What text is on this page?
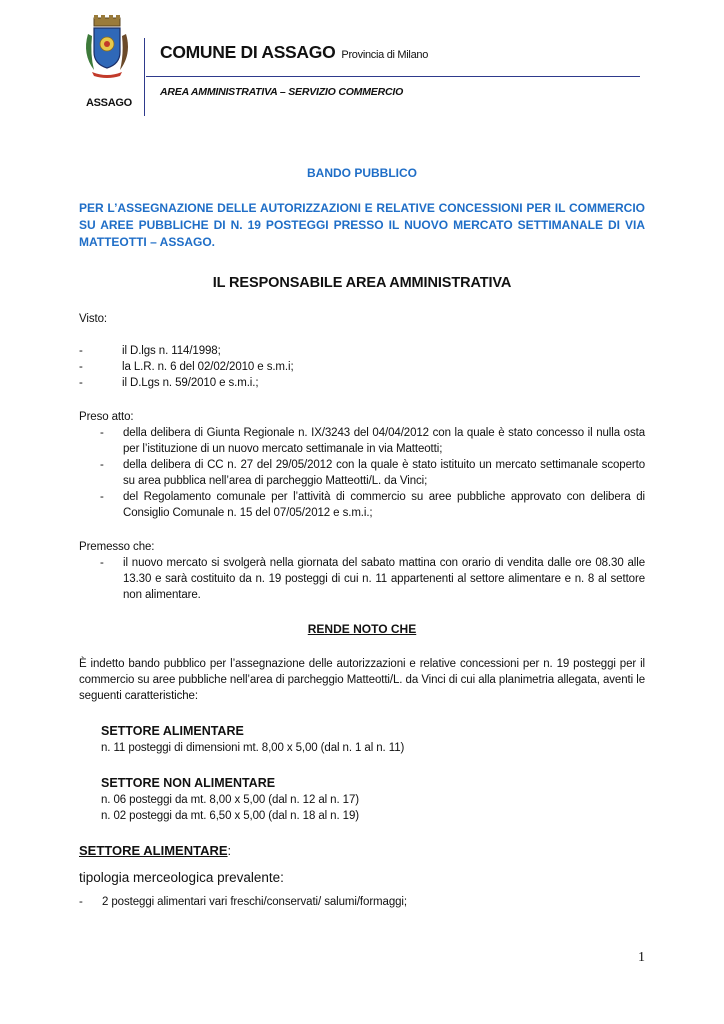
ASSAGO
COMUNE DI ASSAGO Provincia di Milano
AREA AMMINISTRATIVA – SERVIZIO COMMERCIO
BANDO PUBBLICO
PER L’ASSEGNAZIONE DELLE AUTORIZZAZIONI E RELATIVE CONCESSIONI PER IL COMMERCIO SU AREE PUBBLICHE DI N. 19 POSTEGGI PRESSO IL NUOVO MERCATO SETTIMANALE DI VIA MATTEOTTI – ASSAGO.
IL RESPONSABILE AREA AMMINISTRATIVA
Visto:
-	il D.lgs n. 114/1998;
-	la L.R. n. 6 del 02/02/2010 e s.m.i;
-	il D.Lgs n. 59/2010 e s.m.i.;
Preso atto:
- della delibera di Giunta Regionale n. IX/3243 del 04/04/2012 con la quale è stato concesso il nulla osta per l’istituzione di un nuovo mercato settimanale in via Matteotti;
- della delibera di CC n. 27 del 29/05/2012 con la quale è stato istituito un mercato settimanale scoperto su area pubblica nell’area di parcheggio Matteotti/L. da Vinci;
- del Regolamento comunale per l’attività di commercio su aree pubbliche approvato con delibera di Consiglio Comunale n. 15 del 07/05/2012 e s.m.i.;
Premesso che:
- il nuovo mercato si svolgerà nella giornata del sabato mattina con orario di vendita dalle ore 08.30 alle 13.30 e sarà costituito da n. 19 posteggi di cui n. 11 appartenenti al settore alimentare e n. 8 al settore non alimentare.
RENDE NOTO CHE
È indetto bando pubblico per l’assegnazione delle autorizzazioni e relative concessioni per n. 19 posteggi per il commercio su aree pubbliche nell’area di parcheggio Matteotti/L. da Vinci di cui alla planimetria allegata, aventi le seguenti caratteristiche:
SETTORE ALIMENTARE
n. 11 posteggi di dimensioni mt. 8,00 x 5,00 (dal n. 1 al n. 11)
SETTORE NON ALIMENTARE
n. 06 posteggi da mt. 8,00 x 5,00 (dal n. 12 al n. 17)
n. 02 posteggi da mt. 6,50 x 5,00 (dal n. 18 al n. 19)
SETTORE ALIMENTARE:
tipologia merceologica prevalente:
- 2 posteggi alimentari vari freschi/conservati/ salumi/formaggi;
1
